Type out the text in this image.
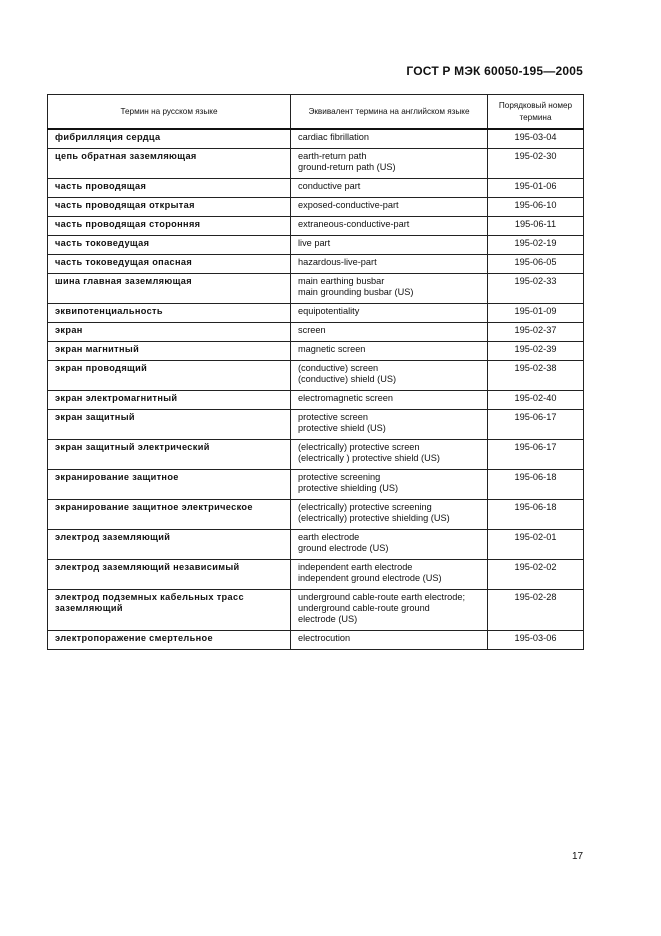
ГОСТ Р МЭК 60050-195—2005
Термин на русском языке	Эквивалент термина на английском языке	Порядковый номер термина
фибрилляция сердца	cardiac fibrillation	195-03-04
цепь обратная заземляющая	earth-return path
ground-return path (US)	195-02-30
часть проводящая	conductive part	195-01-06
часть проводящая открытая	exposed-conductive-part	195-06-10
часть проводящая сторонняя	extraneous-conductive-part	195-06-11
часть токоведущая	live part	195-02-19
часть токоведущая опасная	hazardous-live-part	195-06-05
шина главная заземляющая	main earthing busbar
main grounding busbar (US)	195-02-33
эквипотенциальность	equipotentiality	195-01-09
экран	screen	195-02-37
экран магнитный	magnetic screen	195-02-39
экран проводящий	(conductive) screen
(conductive) shield (US)	195-02-38
экран электромагнитный	electromagnetic screen	195-02-40
экран защитный	protective screen
protective shield (US)	195-06-17
экран защитный электрический	(electrically) protective screen
(electrically ) protective shield (US)	195-06-17
экранирование защитное	protective screening
protective shielding (US)	195-06-18
экранирование защитное электрическое	(electrically) protective screening
(electrically) protective shielding (US)	195-06-18
электрод заземляющий	earth electrode
ground electrode (US)	195-02-01
электрод заземляющий независимый	independent earth electrode
independent ground electrode (US)	195-02-02
электрод подземных кабельных трасс заземляющий	underground cable-route earth electrode;
underground cable-route ground
electrode (US)	195-02-28
электропоражение смертельное	electrocution	195-03-06
17
